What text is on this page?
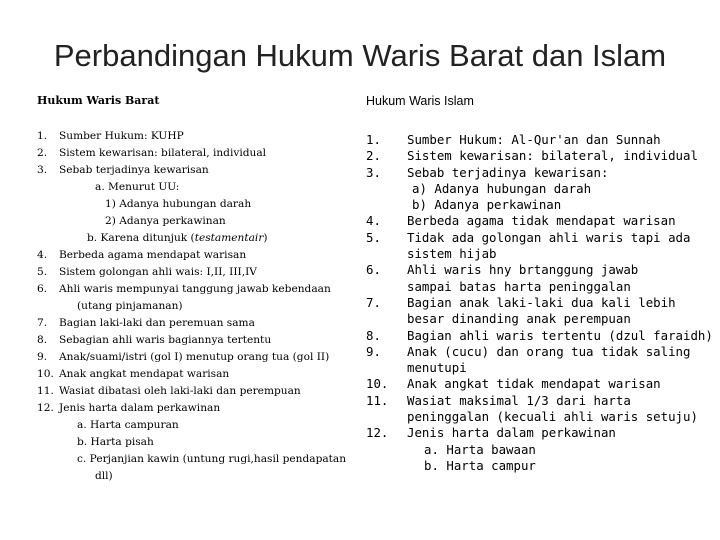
Perbandingan Hukum Waris Barat dan Islam
Hukum Waris Barat	Hukum Waris Islam
1. Sumber Hukum: KUHP
2. Sistem kewarisan: bilateral, individual
3. Sebab terjadinya kewarisan
a. Menurut UU:
1) Adanya hubungan darah
2) Adanya perkawinan
b. Karena ditunjuk (testamentair)
4. Berbeda agama mendapat warisan
5. Sistem golongan ahli wais: I,II, III,IV
6. Ahli waris mempunyai tanggung jawab kebendaan
(utang pinjamanan)
7. Bagian laki-laki dan peremuan sama
8. Sebagian ahli waris bagiannya tertentu
9. Anak/suami/istri (gol I) menutup orang tua (gol II)
10. Anak angkat mendapat warisan
11. Wasiat dibatasi oleh laki-laki dan perempuan
12. Jenis harta dalam perkawinan
a. Harta campuran
b. Harta pisah
c. Perjanjian kawin (untung rugi,hasil pendapatan
dll)
1. Sumber Hukum: Al-Qur'an dan Sunnah
2. Sistem kewarisan: bilateral, individual
3. Sebab terjadinya kewarisan:
a) Adanya hubungan darah
b) Adanya perkawinan
4. Berbeda agama tidak mendapat warisan
5. Tidak ada golongan ahli waris tapi ada
sistem hijab
6. Ahli waris hny brtanggung jawab
sampai batas harta peninggalan
7. Bagian anak laki-laki dua kali lebih
besar dinanding anak perempuan
8. Bagian ahli waris tertentu (dzul faraidh)
9. Anak (cucu) dan orang tua tidak saling
menutupi
10. Anak angkat tidak mendapat warisan
11. Wasiat maksimal 1/3 dari harta
peninggalan (kecuali ahli waris setuju)
12. Jenis harta dalam perkawinan
a. Harta bawaan
b. Harta campur
